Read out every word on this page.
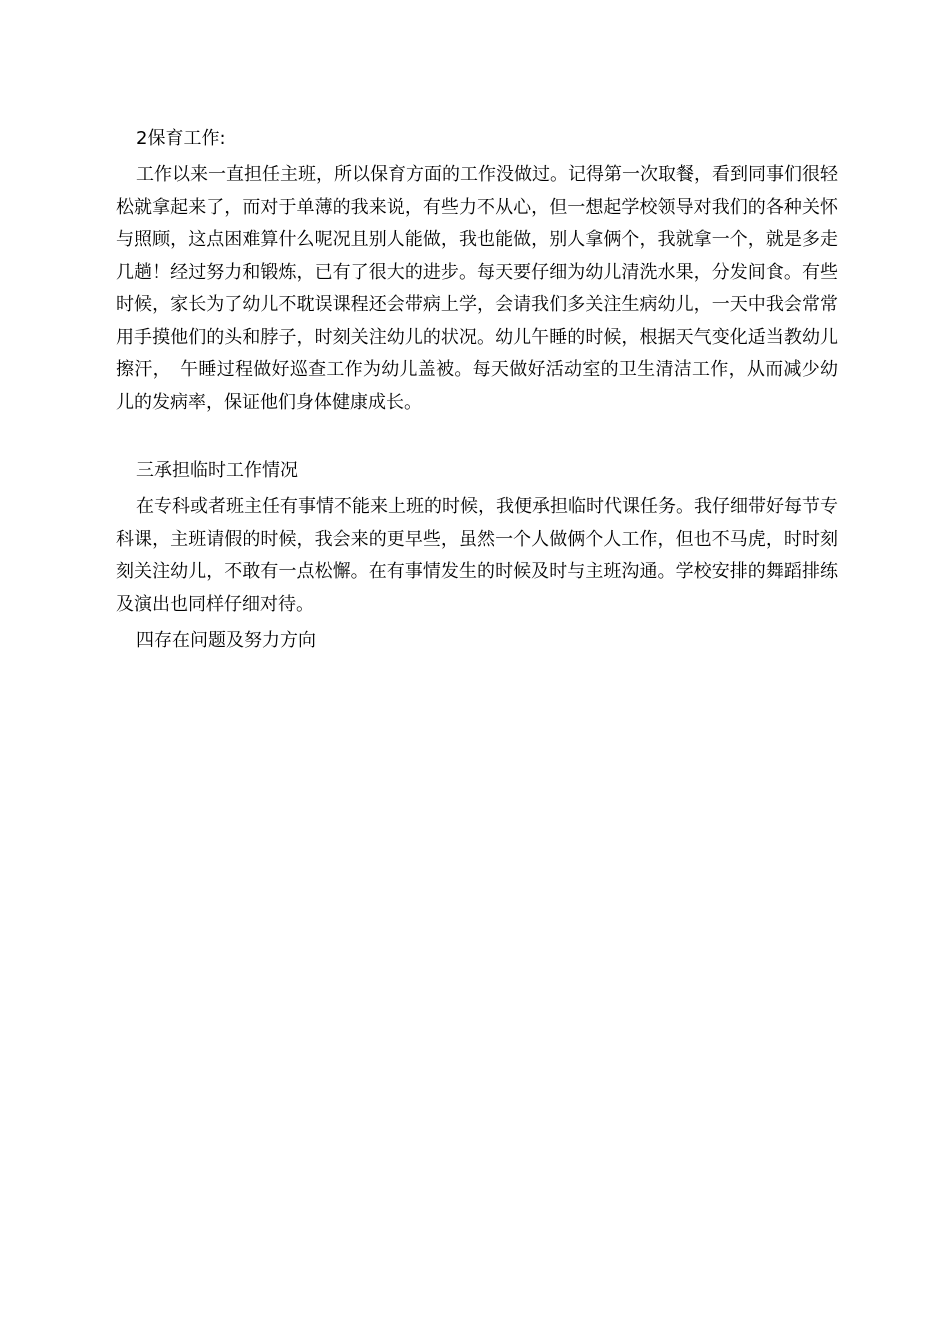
2保育工作:

工作以来一直担任主班，所以保育方面的工作没做过。记得第一次取餐，看到同事们很轻松就拿起来了，而对于单薄的我来说，有些力不从心，但一想起学校领导对我们的各种关怀与照顾，这点困难算什么呢况且别人能做，我也能做，别人拿俩个，我就拿一个，就是多走几趟！经过努力和锻炼，已有了很大的进步。每天要仔细为幼儿清洗水果，分发间食。有些时候，家长为了幼儿不耽误课程还会带病上学，会请我们多关注生病幼儿，一天中我会常常用手摸他们的头和脖子，时刻关注幼儿的状况。幼儿午睡的时候，根据天气变化适当教幼儿擦汗，　午睡过程做好巡查工作为幼儿盖被。每天做好活动室的卫生清洁工作，从而减少幼儿的发病率，保证他们身体健康成长。

三承担临时工作情况

在专科或者班主任有事情不能来上班的时候，我便承担临时代课任务。我仔细带好每节专科课，主班请假的时候，我会来的更早些，虽然一个人做俩个人工作，但也不马虎，时时刻刻关注幼儿，不敢有一点松懈。在有事情发生的时候及时与主班沟通。学校安排的舞蹈排练及演出也同样仔细对待。

四存在问题及努力方向
